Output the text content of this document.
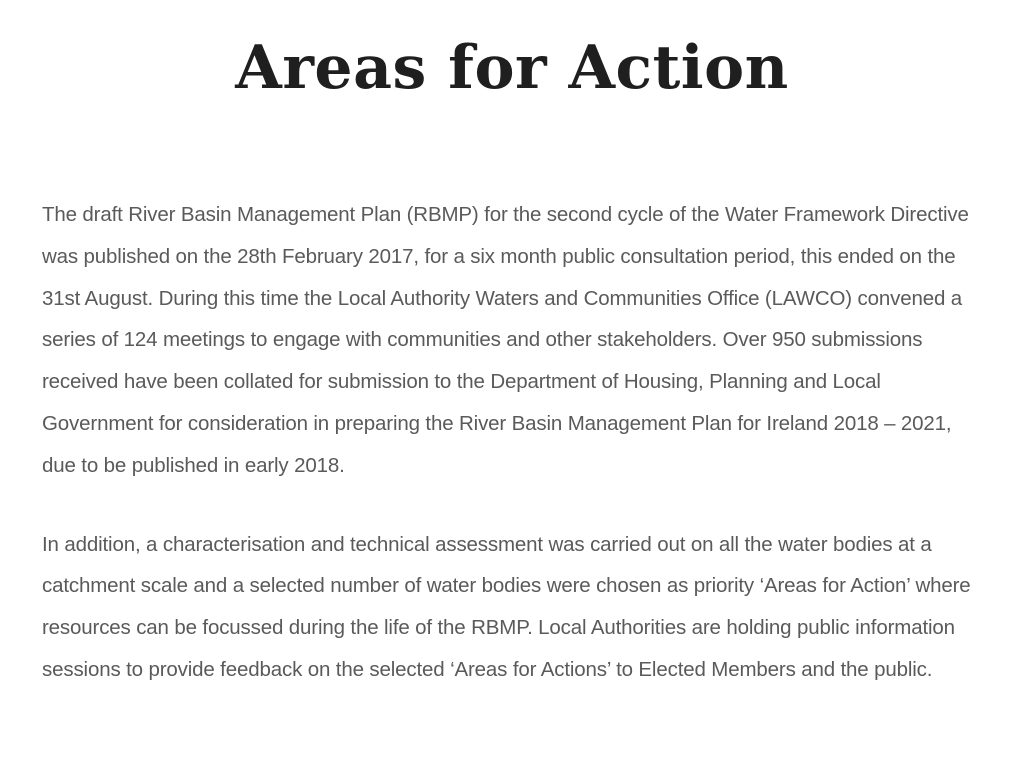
Areas for Action

The draft River Basin Management Plan (RBMP) for the second cycle of the Water Framework Directive was published on the 28th February 2017, for a six month public consultation period, this ended on the 31st August. During this time the Local Authority Waters and Communities Office (LAWCO) convened a series of 124 meetings to engage with communities and other stakeholders. Over 950 submissions received have been collated for submission to the Department of Housing, Planning and Local Government for consideration in preparing the River Basin Management Plan for Ireland 2018 – 2021, due to be published in early 2018.

In addition, a characterisation and technical assessment was carried out on all the water bodies at a catchment scale and a selected number of water bodies were chosen as priority ‘Areas for Action’ where resources can be focussed during the life of the RBMP. Local Authorities are holding public information sessions to provide feedback on the selected ‘Areas for Actions’ to Elected Members and the public.
